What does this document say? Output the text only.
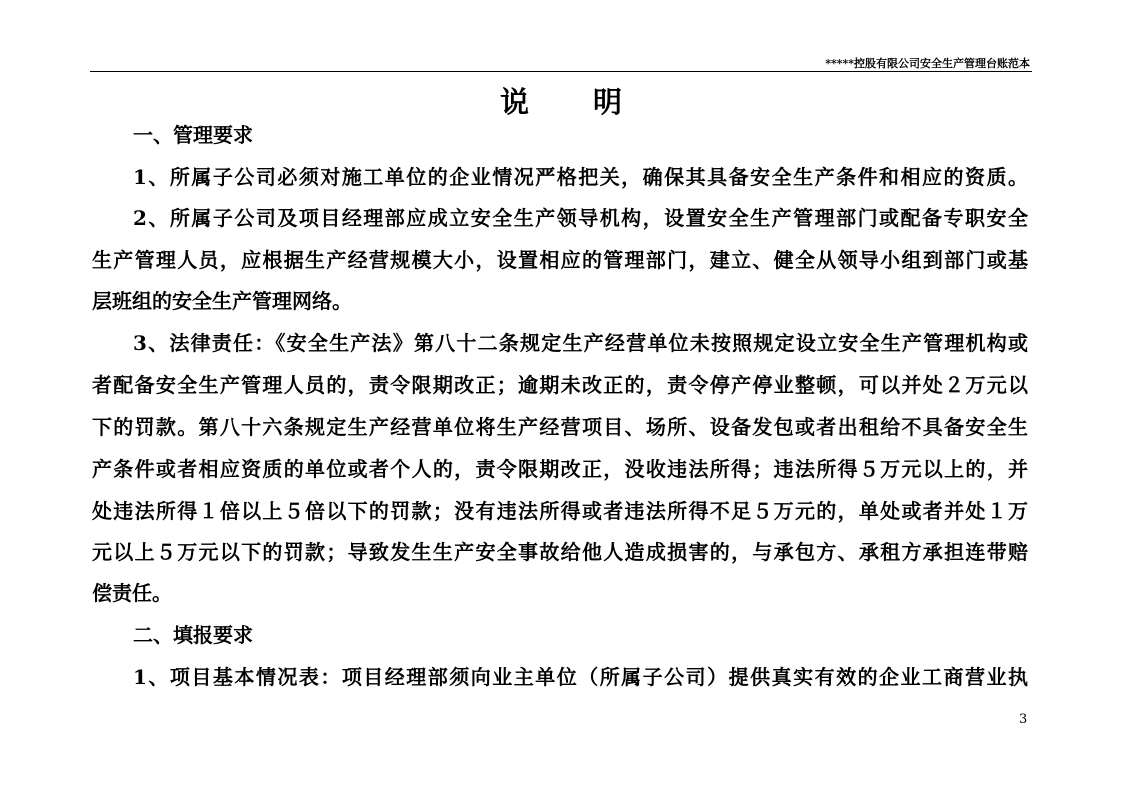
*****控股有限公司安全生产管理台账范本
说 明
一、管理要求
1、所属子公司必须对施工单位的企业情况严格把关，确保其具备安全生产条件和相应的资质。
2、所属子公司及项目经理部应成立安全生产领导机构，设置安全生产管理部门或配备专职安全
生产管理人员，应根据生产经营规模大小，设置相应的管理部门，建立、健全从领导小组到部门或基
层班组的安全生产管理网络。
3、法律责任：《安全生产法》第八十二条规定生产经营单位未按照规定设立安全生产管理机构或
者配备安全生产管理人员的，责令限期改正；逾期未改正的，责令停产停业整顿，可以并处２万元以
下的罚款。第八十六条规定生产经营单位将生产经营项目、场所、设备发包或者出租给不具备安全生
产条件或者相应资质的单位或者个人的，责令限期改正，没收违法所得；违法所得５万元以上的，并
处违法所得１倍以上５倍以下的罚款；没有违法所得或者违法所得不足５万元的，单处或者并处１万
元以上５万元以下的罚款；导致发生生产安全事故给他人造成损害的，与承包方、承租方承担连带赔
偿责任。
二、填报要求
1、项目基本情况表：项目经理部须向业主单位（所属子公司）提供真实有效的企业工商营业执
3
